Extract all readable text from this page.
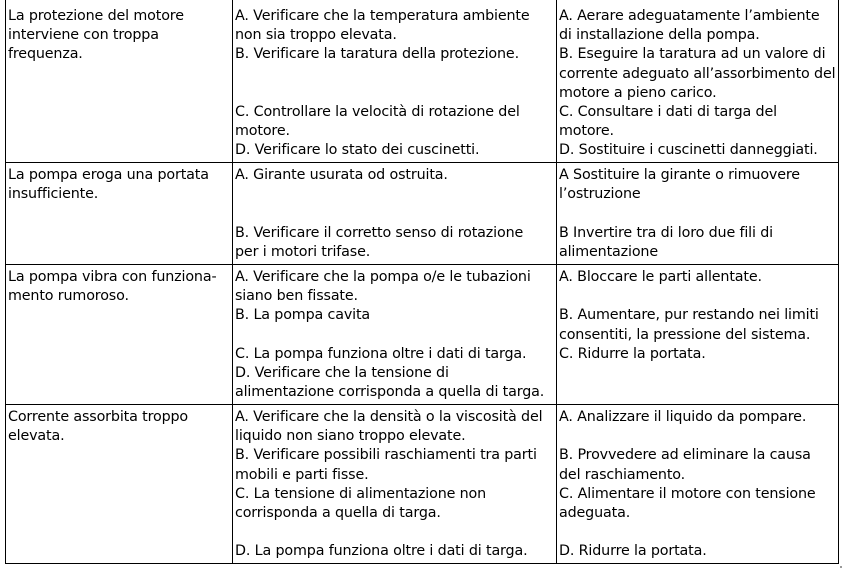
La protezione del motore
interviene con troppa
frequenza.
A. Verificare che la temperatura ambiente
non sia troppo elevata.
B. Verificare la taratura della protezione.
C. Controllare la velocità di rotazione del
motore.
D. Verificare lo stato dei cuscinetti.
A. Aerare adeguatamente l’ambiente
di installazione della pompa.
B. Eseguire la taratura ad un valore di
corrente adeguato all’assorbimento del
motore a pieno carico.
C. Consultare i dati di targa del
motore.
D. Sostituire i cuscinetti danneggiati.
La pompa eroga una portata
insufficiente.
A. Girante usurata od ostruita.
B. Verificare il corretto senso di rotazione
per i motori trifase.
A Sostituire la girante o rimuovere
l’ostruzione
B Invertire tra di loro due fili di
alimentazione
La pompa vibra con funziona-
mento rumoroso.
A. Verificare che la pompa o/e le tubazioni
siano ben fissate.
B. La pompa cavita
C. La pompa funziona oltre i dati di targa.
D. Verificare che la tensione di
alimentazione corrisponda a quella di targa.
A. Bloccare le parti allentate.
B. Aumentare, pur restando nei limiti
consentiti, la pressione del sistema.
C. Ridurre la portata.
Corrente assorbita troppo
elevata.
A. Verificare che la densità o la viscosità del
liquido non siano troppo elevate.
B. Verificare possibili raschiamenti tra parti
mobili e parti fisse.
C. La tensione di alimentazione non
corrisponda a quella di targa.
D. La pompa funziona oltre i dati di targa.
A. Analizzare il liquido da pompare.
B. Provvedere ad eliminare la causa
del raschiamento.
C. Alimentare il motore con tensione
adeguata.
D. Ridurre la portata.
